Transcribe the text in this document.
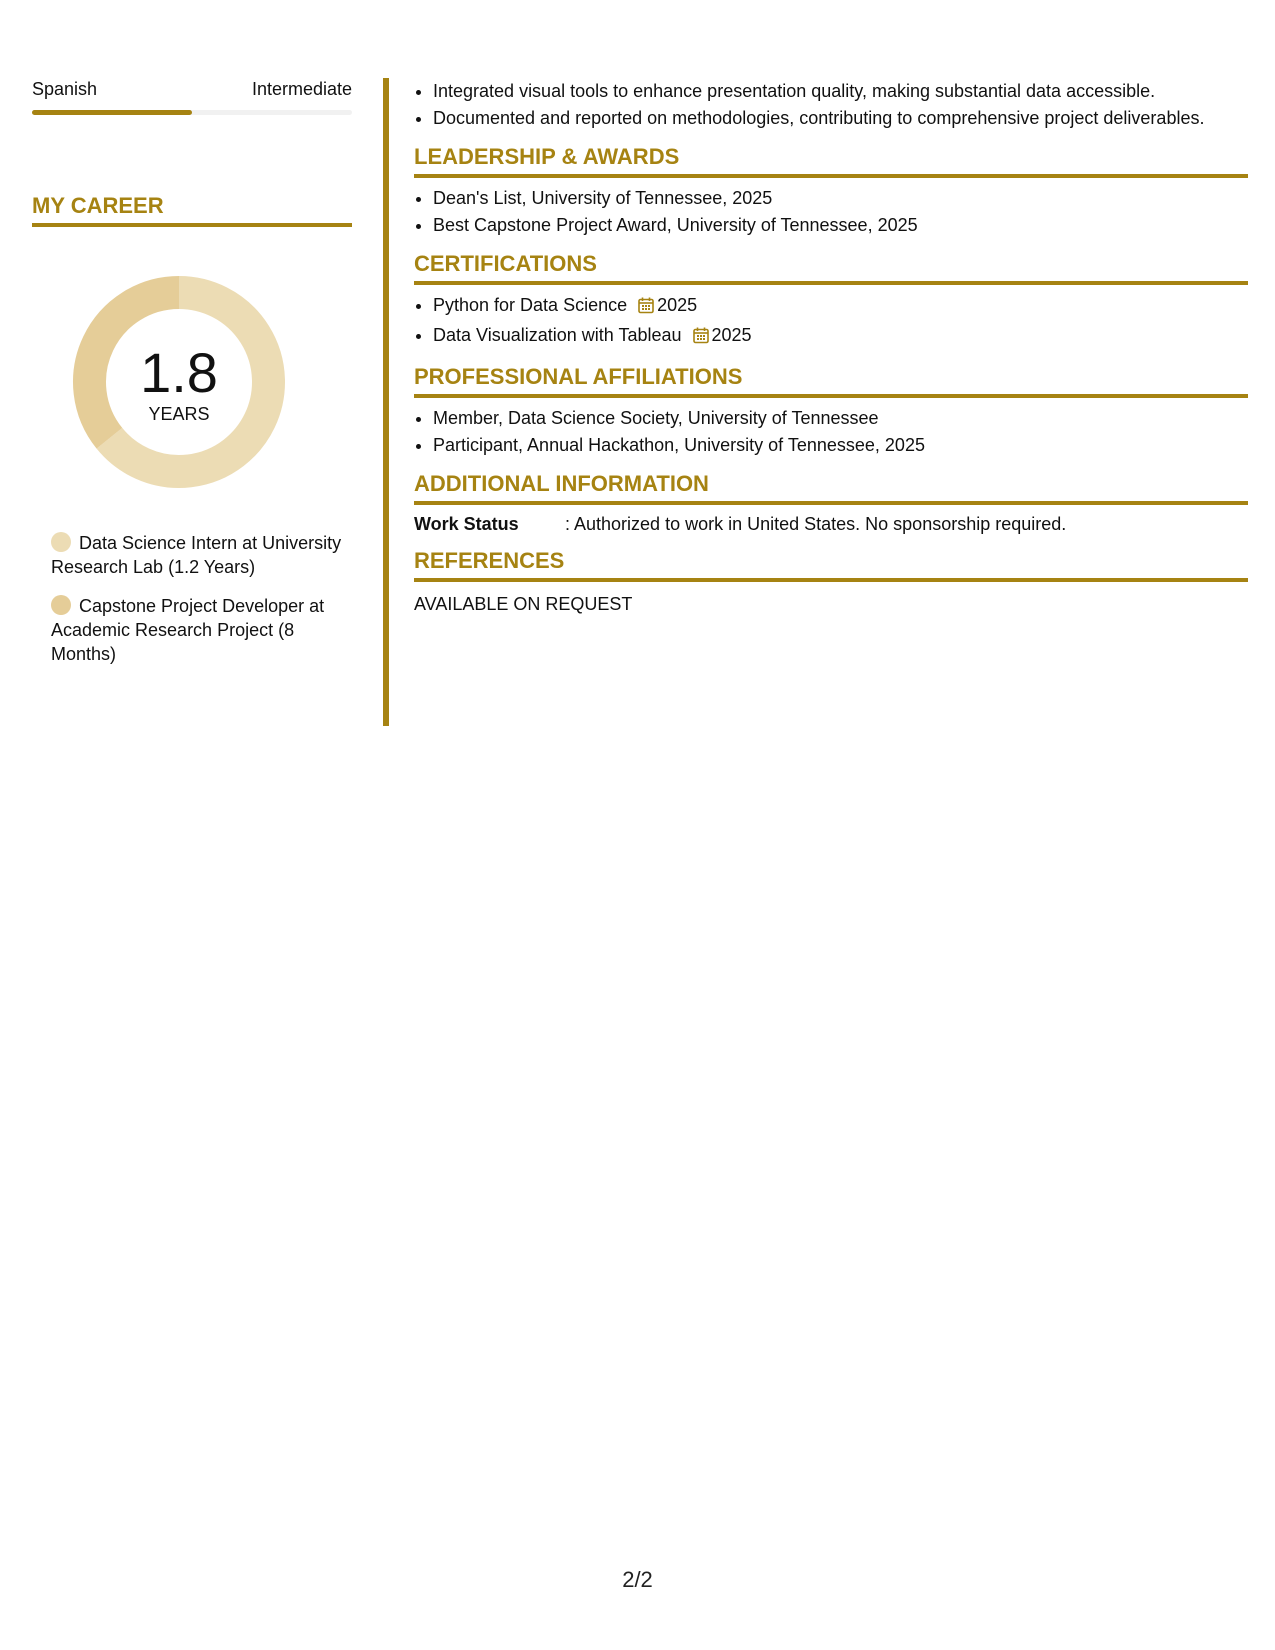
Spanish	Intermediate
MY CAREER
1.8
YEARS
Data Science Intern at University Research Lab (1.2 Years)
Capstone Project Developer at Academic Research Project (8 Months)
• Integrated visual tools to enhance presentation quality, making substantial data accessible.
• Documented and reported on methodologies, contributing to comprehensive project deliverables.
LEADERSHIP & AWARDS
• Dean's List, University of Tennessee, 2025
• Best Capstone Project Award, University of Tennessee, 2025
CERTIFICATIONS
• Python for Data Science 2025
• Data Visualization with Tableau 2025
PROFESSIONAL AFFILIATIONS
• Member, Data Science Society, University of Tennessee
• Participant, Annual Hackathon, University of Tennessee, 2025
ADDITIONAL INFORMATION
Work Status	: Authorized to work in United States. No sponsorship required.
REFERENCES
AVAILABLE ON REQUEST
2/2
